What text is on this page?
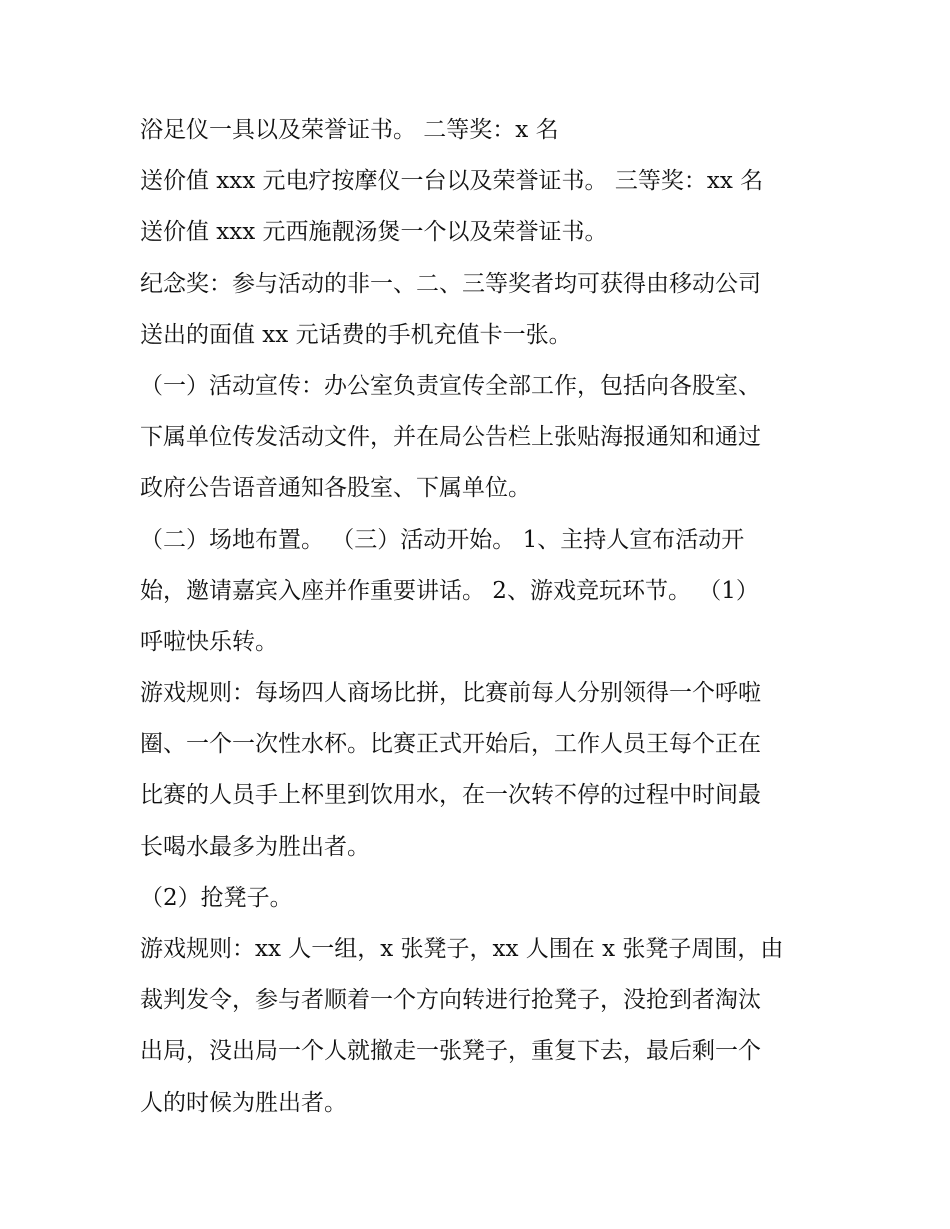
浴足仪一具以及荣誉证书。 二等奖：x 名

送价值 xxx 元电疗按摩仪一台以及荣誉证书。 三等奖：xx 名

送价值 xxx 元西施靓汤煲一个以及荣誉证书。

纪念奖：参与活动的非一、二、三等奖者均可获得由移动公司

送出的面值 xx 元话费的手机充值卡一张。

（一）活动宣传：办公室负责宣传全部工作，包括向各股室、

下属单位传发活动文件，并在局公告栏上张贴海报通知和通过

政府公告语音通知各股室、下属单位。

（二）场地布置。 （三）活动开始。 1、主持人宣布活动开

始，邀请嘉宾入座并作重要讲话。 2、游戏竞玩环节。 （1）

呼啦快乐转。

游戏规则：每场四人商场比拼，比赛前每人分别领得一个呼啦

圈、一个一次性水杯。比赛正式开始后，工作人员王每个正在

比赛的人员手上杯里到饮用水，在一次转不停的过程中时间最

长喝水最多为胜出者。

（2）抢凳子。

游戏规则：xx 人一组，x 张凳子，xx 人围在 x 张凳子周围，由

裁判发令，参与者顺着一个方向转进行抢凳子，没抢到者淘汰

出局，没出局一个人就撤走一张凳子，重复下去，最后剩一个

人的时候为胜出者。
